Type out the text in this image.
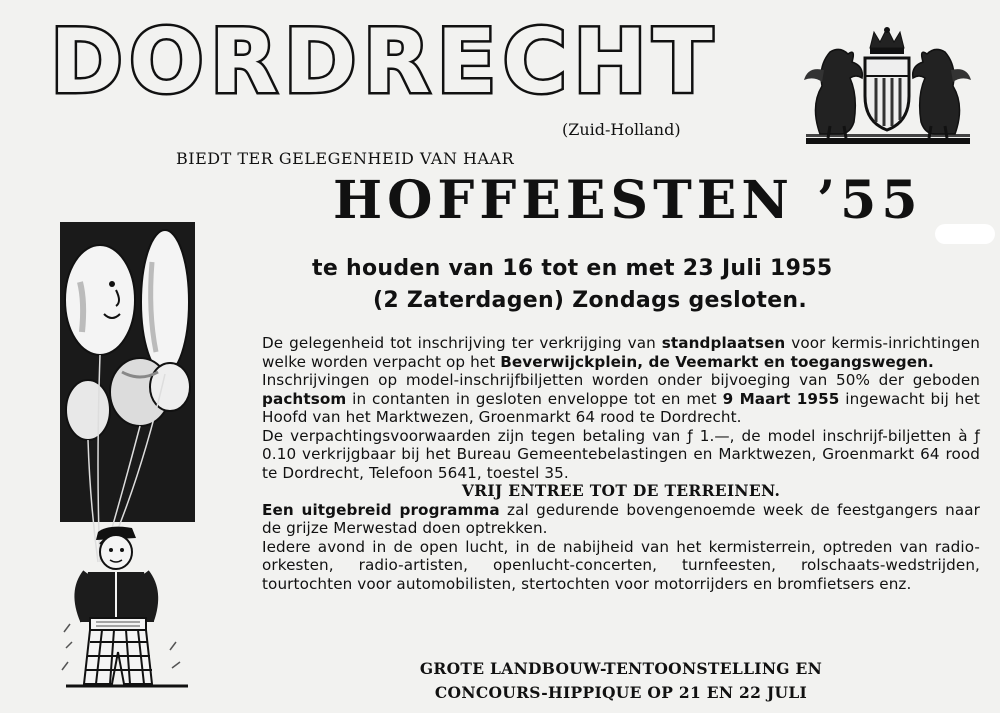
DORDRECHT
(Zuid-Holland)
BIEDT TER GELEGENHEID VAN HAAR
HOFFEESTEN ’55
te houden van 16 tot en met 23 Juli 1955
(2 Zaterdagen) Zondags gesloten.

De gelegenheid tot inschrijving ter verkrijging van standplaatsen voor kermis-inrichtingen welke worden verpacht op het Beverwijckplein, de Veemarkt en toegangswegen.

Inschrijvingen op model-inschrijfbiljetten worden onder bijvoeging van 50% der geboden pachtsom in contanten in gesloten enveloppe tot en met 9 Maart 1955 ingewacht bij het Hoofd van het Marktwezen, Groenmarkt 64 rood te Dordrecht.

De verpachtingsvoorwaarden zijn tegen betaling van ƒ 1.—, de model inschrijf-biljetten à ƒ 0.10 verkrijgbaar bij het Bureau Gemeentebelastingen en Marktwezen, Groenmarkt 64 rood te Dordrecht, Telefoon 5641, toestel 35.

VRIJ ENTREE TOT DE TERREINEN.

Een uitgebreid programma zal gedurende bovengenoemde week de feestgangers naar de grijze Merwestad doen optrekken.

Iedere avond in de open lucht, in de nabijheid van het kermisterrein, optreden van radio-orkesten, radio-artisten, openlucht-concerten, turnfeesten, rolschaats-wedstrijden, tourtochten voor automobilisten, stertochten voor motorrijders en bromfietsers enz.

GROTE LANDBOUW-TENTOONSTELLING EN
CONCOURS-HIPPIQUE OP 21 EN 22 JULI
